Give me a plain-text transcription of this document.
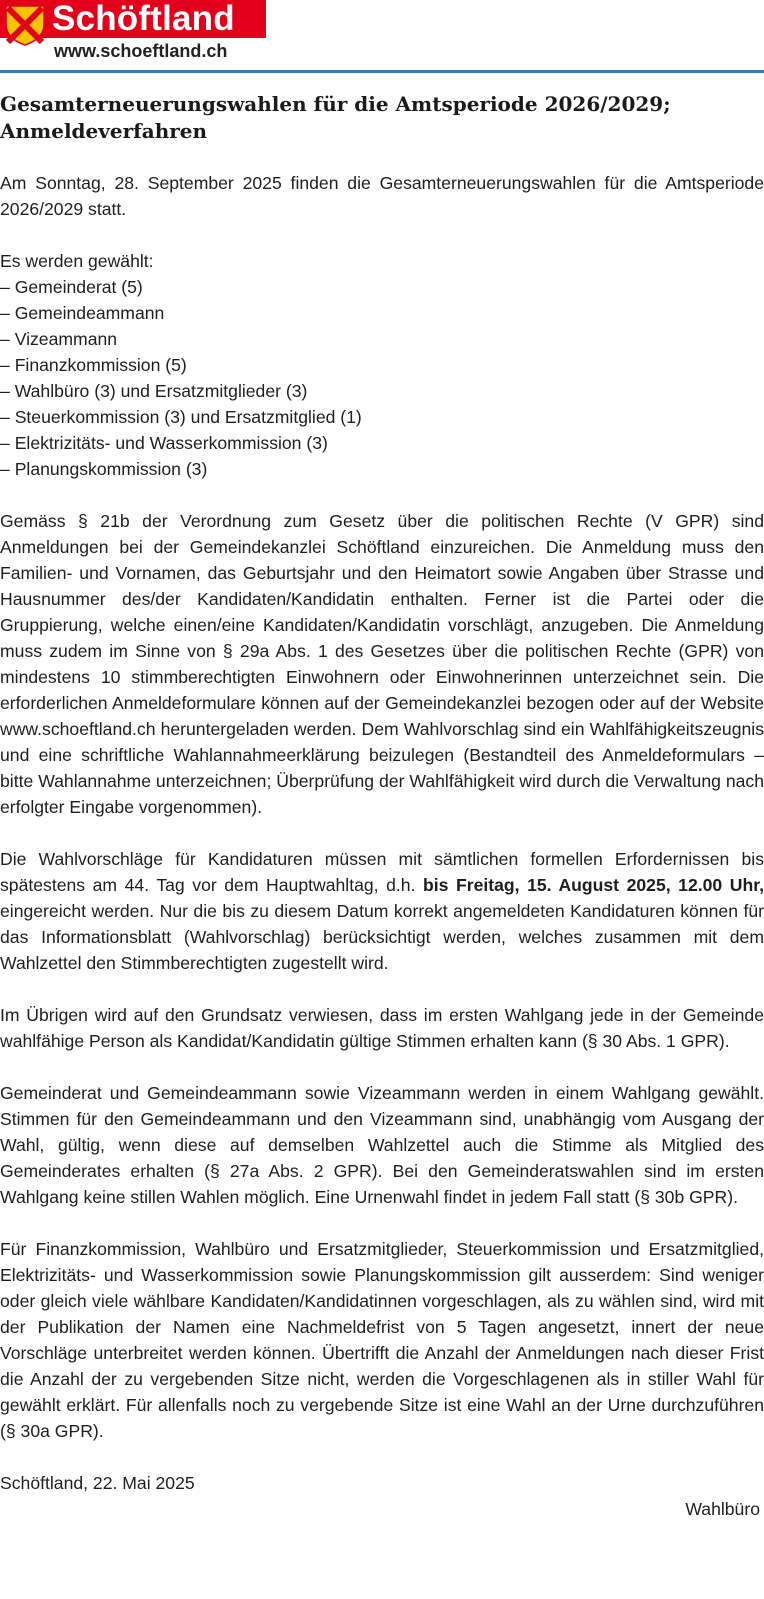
Schöftland
www.schoeftland.ch
Gesamterneuerungswahlen für die Amtsperiode 2026/2029; Anmeldeverfahren

Am Sonntag, 28. September 2025 finden die Gesamterneuerungswahlen für die Amtsperiode 2026/2029 statt.

Es werden gewählt:
– Gemeinderat (5)
– Gemeindeammann
– Vizeammann
– Finanzkommission (5)
– Wahlbüro (3) und Ersatzmitglieder (3)
– Steuerkommission (3) und Ersatzmitglied (1)
– Elektrizitäts- und Wasserkommission (3)
– Planungskommission (3)

Gemäss § 21b der Verordnung zum Gesetz über die politischen Rechte (V GPR) sind Anmeldungen bei der Gemeindekanzlei Schöftland einzureichen. Die Anmeldung muss den Familien- und Vornamen, das Geburtsjahr und den Heimatort sowie Angaben über Strasse und Hausnummer des/der Kandidaten/Kandidatin enthalten. Ferner ist die Partei oder die Gruppierung, welche einen/eine Kandidaten/Kandidatin vorschlägt, anzugeben. Die Anmeldung muss zudem im Sinne von § 29a Abs. 1 des Gesetzes über die politischen Rechte (GPR) von mindestens 10 stimmberechtigten Einwohnern oder Einwohnerinnen unterzeichnet sein. Die erforderlichen Anmeldeformulare können auf der Gemeindekanzlei bezogen oder auf der Website www.schoeftland.ch heruntergeladen werden. Dem Wahlvorschlag sind ein Wahlfähigkeitszeugnis und eine schriftliche Wahlannahmeerklärung beizulegen (Bestandteil des Anmeldeformulars – bitte Wahlannahme unterzeichnen; Überprüfung der Wahlfähigkeit wird durch die Verwaltung nach erfolgter Eingabe vorgenommen).

Die Wahlvorschläge für Kandidaturen müssen mit sämtlichen formellen Erfordernissen bis spätestens am 44. Tag vor dem Hauptwahltag, d.h. bis Freitag, 15. August 2025, 12.00 Uhr, eingereicht werden. Nur die bis zu diesem Datum korrekt angemeldeten Kandidaturen können für das Informationsblatt (Wahlvorschlag) berücksichtigt werden, welches zusammen mit dem Wahlzettel den Stimmberechtigten zugestellt wird.

Im Übrigen wird auf den Grundsatz verwiesen, dass im ersten Wahlgang jede in der Gemeinde wahlfähige Person als Kandidat/Kandidatin gültige Stimmen erhalten kann (§ 30 Abs. 1 GPR).

Gemeinderat und Gemeindeammann sowie Vizeammann werden in einem Wahlgang gewählt. Stimmen für den Gemeindeammann und den Vizeammann sind, unabhängig vom Ausgang der Wahl, gültig, wenn diese auf demselben Wahlzettel auch die Stimme als Mitglied des Gemeinderates erhalten (§ 27a Abs. 2 GPR). Bei den Gemeinderatswahlen sind im ersten Wahlgang keine stillen Wahlen möglich. Eine Urnenwahl findet in jedem Fall statt (§ 30b GPR).

Für Finanzkommission, Wahlbüro und Ersatzmitglieder, Steuerkommission und Ersatzmitglied, Elektrizitäts- und Wasserkommission sowie Planungskommission gilt ausserdem: Sind weniger oder gleich viele wählbare Kandidaten/Kandidatinnen vorgeschlagen, als zu wählen sind, wird mit der Publikation der Namen eine Nachmeldefrist von 5 Tagen angesetzt, innert der neue Vorschläge unterbreitet werden können. Übertrifft die Anzahl der Anmeldungen nach dieser Frist die Anzahl der zu vergebenden Sitze nicht, werden die Vorgeschlagenen als in stiller Wahl für gewählt erklärt. Für allenfalls noch zu vergebende Sitze ist eine Wahl an der Urne durchzuführen (§ 30a GPR).

Schöftland, 22. Mai 2025
Wahlbüro
